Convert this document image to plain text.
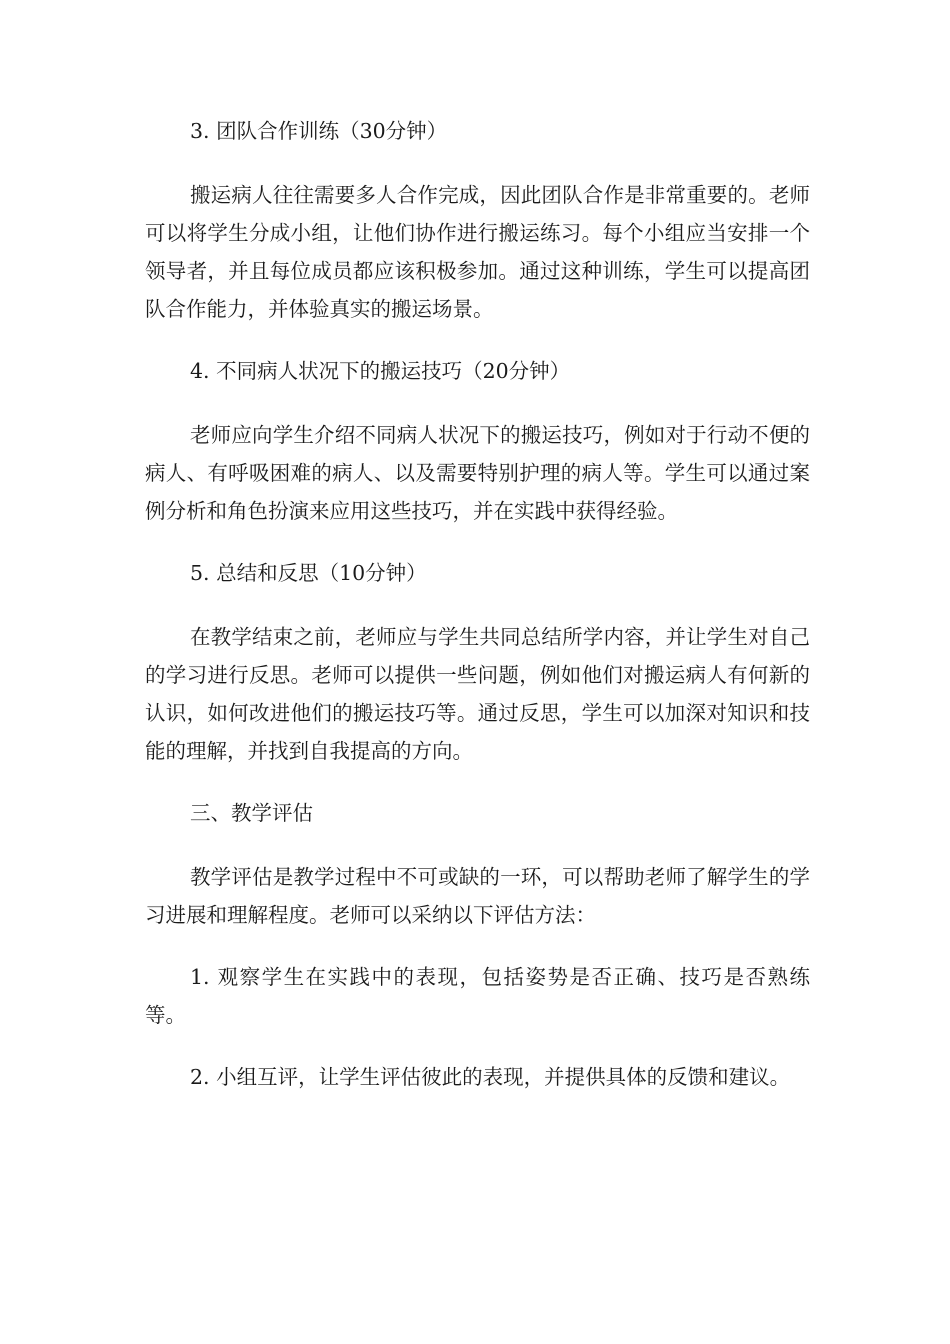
3. 团队合作训练（30分钟）

搬运病人往往需要多人合作完成，因此团队合作是非常重要的。老师可以将学生分成小组，让他们协作进行搬运练习。每个小组应当安排一个领导者，并且每位成员都应该积极参加。通过这种训练，学生可以提高团队合作能力，并体验真实的搬运场景。

4. 不同病人状况下的搬运技巧（20分钟）

老师应向学生介绍不同病人状况下的搬运技巧，例如对于行动不便的病人、有呼吸困难的病人、以及需要特别护理的病人等。学生可以通过案例分析和角色扮演来应用这些技巧，并在实践中获得经验。

5. 总结和反思（10分钟）

在教学结束之前，老师应与学生共同总结所学内容，并让学生对自己的学习进行反思。老师可以提供一些问题，例如他们对搬运病人有何新的认识，如何改进他们的搬运技巧等。通过反思，学生可以加深对知识和技能的理解，并找到自我提高的方向。

三、教学评估

教学评估是教学过程中不可或缺的一环，可以帮助老师了解学生的学习进展和理解程度。老师可以采纳以下评估方法：

1. 观察学生在实践中的表现，包括姿势是否正确、技巧是否熟练等。

2. 小组互评，让学生评估彼此的表现，并提供具体的反馈和建议。
